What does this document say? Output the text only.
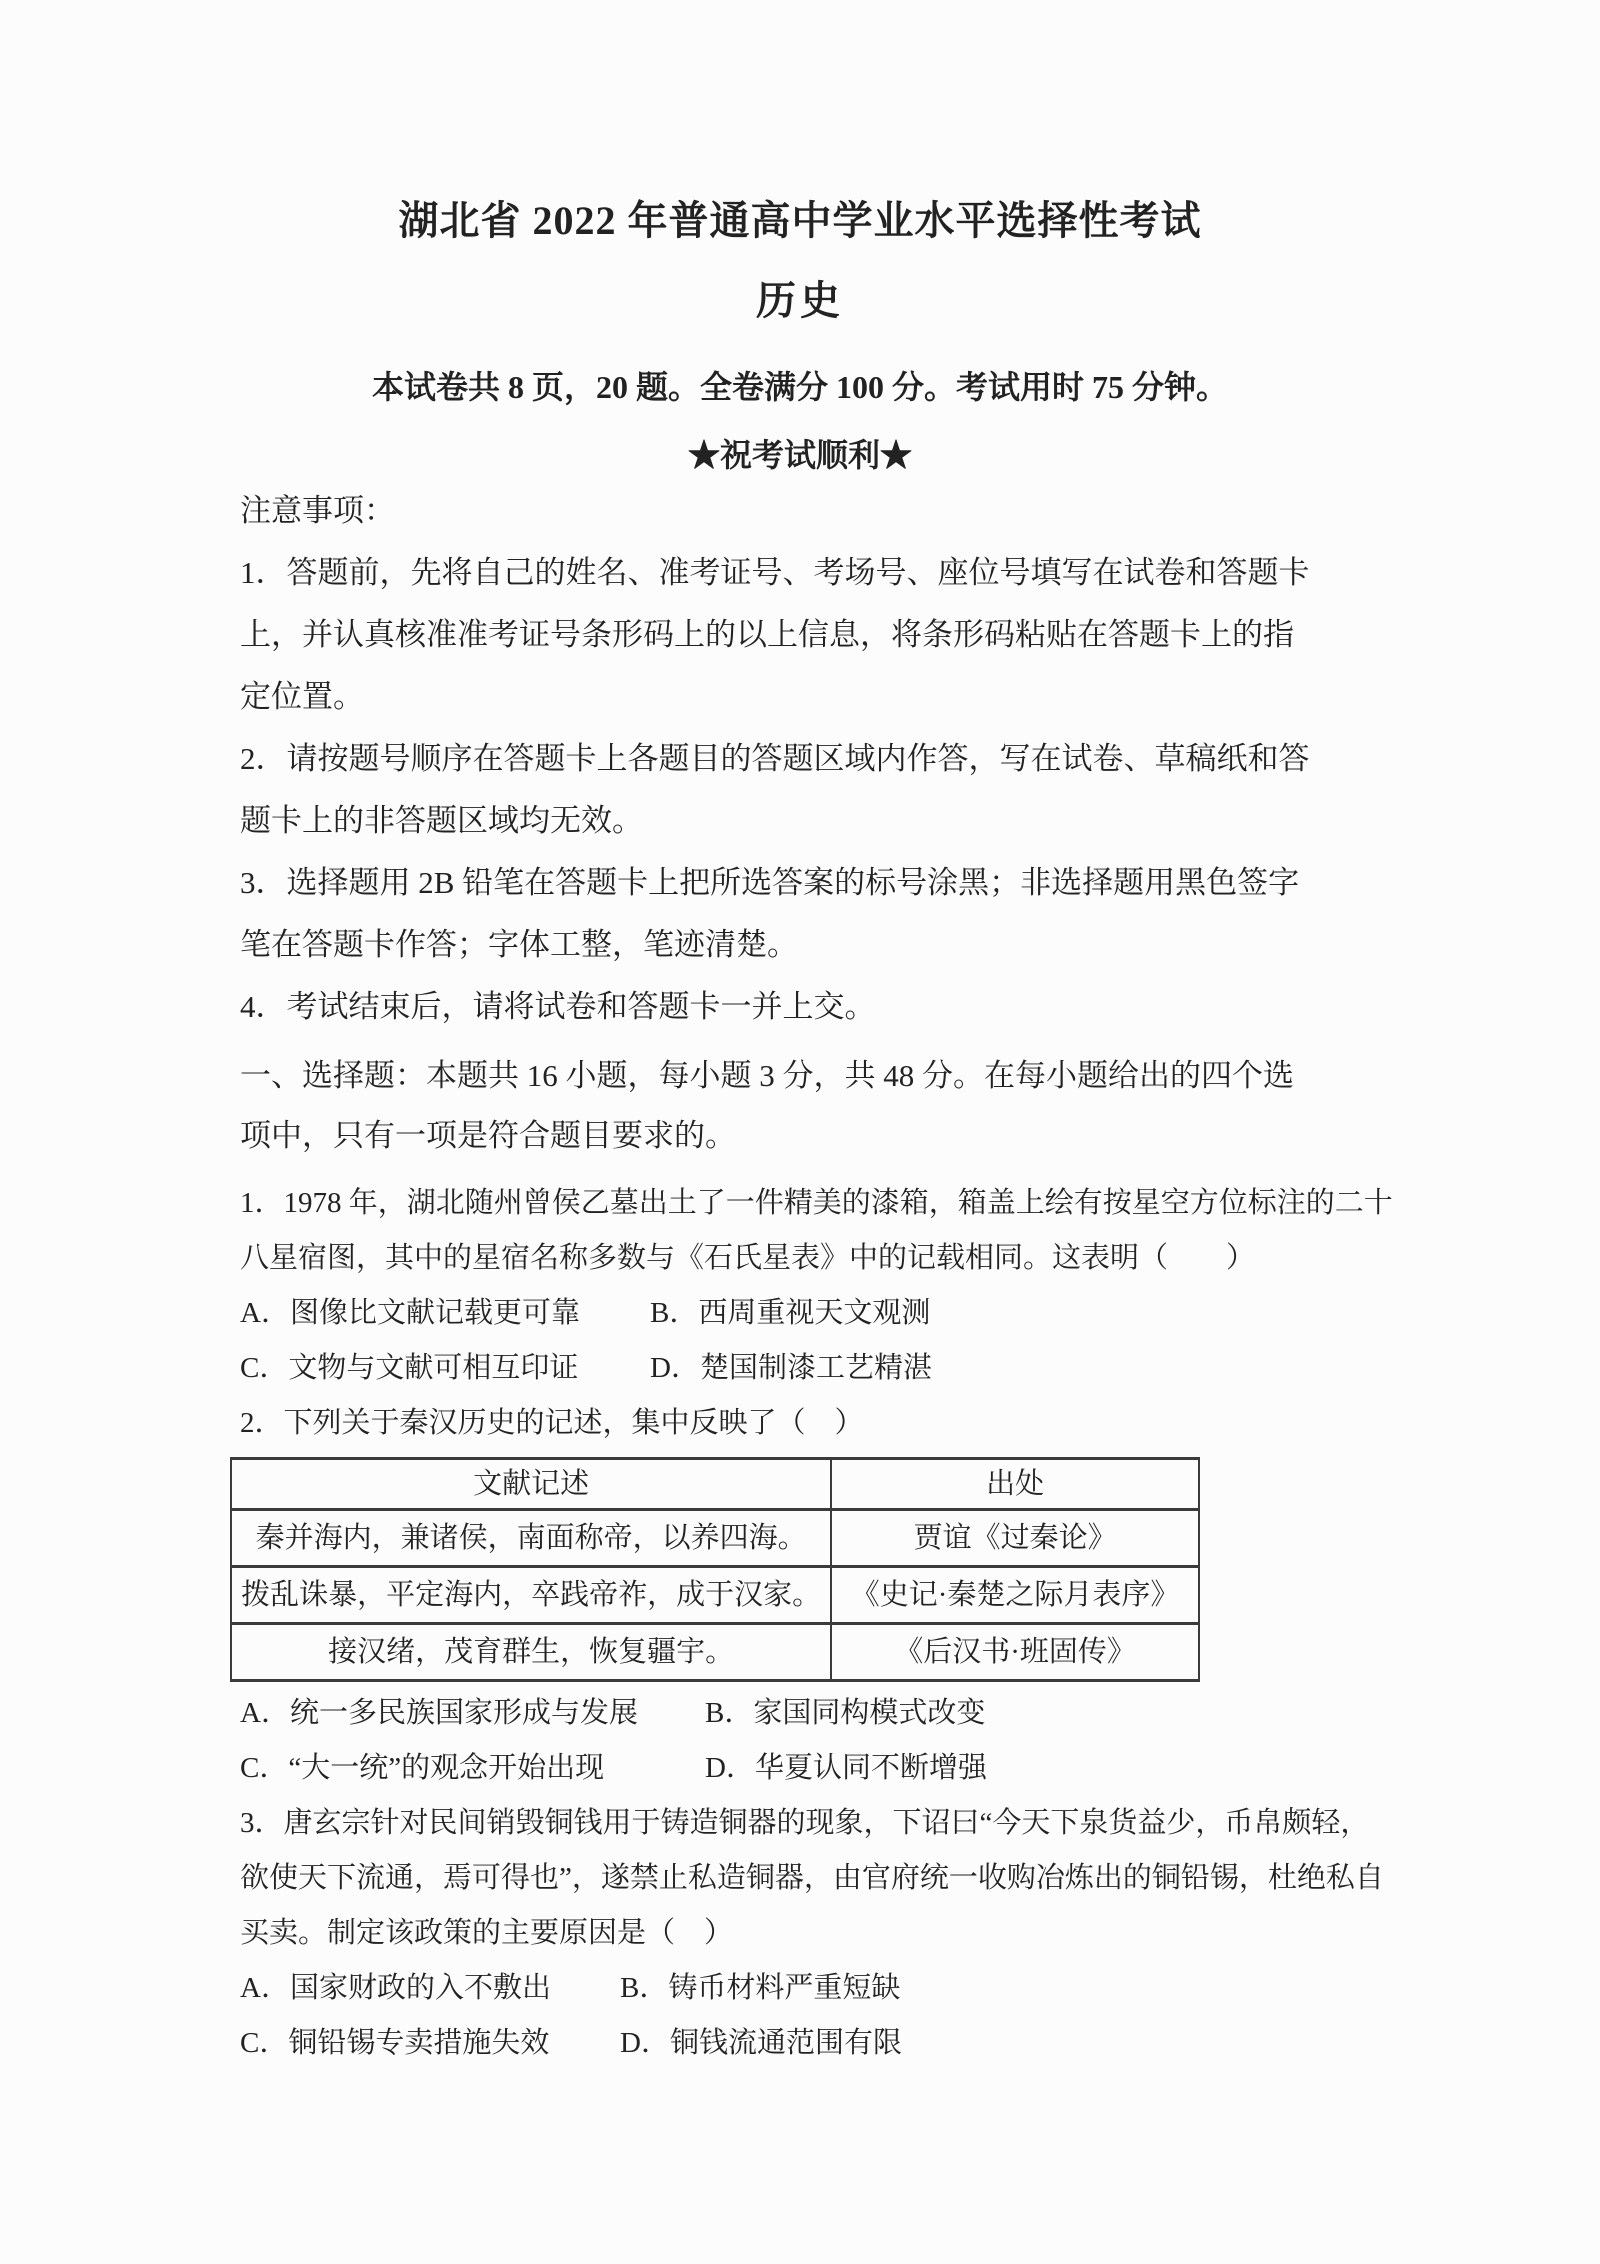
湖北省 2022 年普通高中学业水平选择性考试
历史
本试卷共 8 页，20 题。全卷满分 100 分。考试用时 75 分钟。
★祝考试顺利★
注意事项：
1．答题前，先将自己的姓名、准考证号、考场号、座位号填写在试卷和答题卡
上，并认真核准准考证号条形码上的以上信息，将条形码粘贴在答题卡上的指
定位置。
2．请按题号顺序在答题卡上各题目的答题区域内作答，写在试卷、草稿纸和答
题卡上的非答题区域均无效。
3．选择题用 2B 铅笔在答题卡上把所选答案的标号涂黑；非选择题用黑色签字
笔在答题卡作答；字体工整，笔迹清楚。
4．考试结束后，请将试卷和答题卡一并上交。
一、选择题：本题共 16 小题，每小题 3 分，共 48 分。在每小题给出的四个选
项中，只有一项是符合题目要求的。
1．1978 年，湖北随州曾侯乙墓出土了一件精美的漆箱，箱盖上绘有按星空方位标注的二十
八星宿图，其中的星宿名称多数与《石氏星表》中的记载相同。这表明（　　）
A．图像比文献记载更可靠 B．西周重视天文观测
C．文物与文献可相互印证 D．楚国制漆工艺精湛
2．下列关于秦汉历史的记述，集中反映了（　）
文献记述	出处
秦并海内，兼诸侯，南面称帝，以养四海。	贾谊《过秦论》
拨乱诛暴，平定海内，卒践帝祚，成于汉家。	《史记·秦楚之际月表序》
接汉绪，茂育群生，恢复疆宇。	《后汉书·班固传》
A．统一多民族国家形成与发展 B．家国同构模式改变
C．“大一统”的观念开始出现	D．华夏认同不断增强
3．唐玄宗针对民间销毁铜钱用于铸造铜器的现象，下诏曰“今天下泉货益少，币帛颇轻，
欲使天下流通，焉可得也”，遂禁止私造铜器，由官府统一收购冶炼出的铜铅锡，杜绝私自
买卖。制定该政策的主要原因是（　）
A．国家财政的入不敷出 B．铸币材料严重短缺
C．铜铅锡专卖措施失效 D．铜钱流通范围有限
